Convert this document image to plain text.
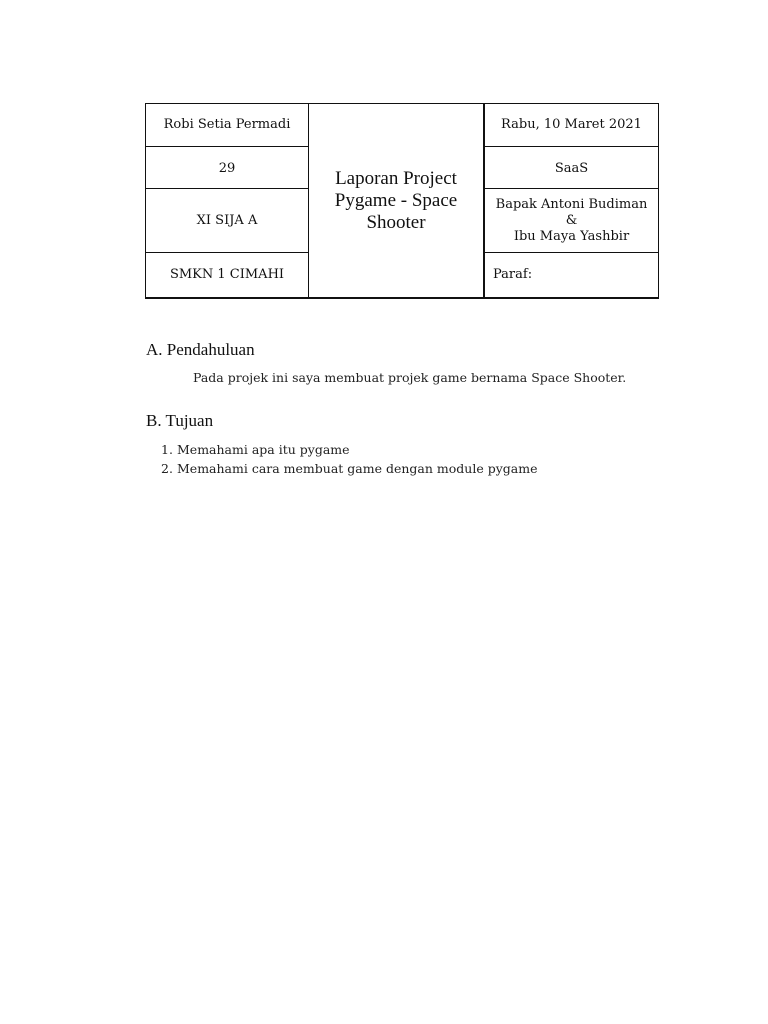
Robi Setia Permadi
29
XI SIJA A
SMKN 1 CIMAHI
Laporan Project Pygame - Space Shooter
Rabu, 10 Maret 2021
SaaS
Bapak Antoni Budiman
&
Ibu Maya Yashbir
Paraf:
A. Pendahuluan
Pada projek ini saya membuat projek game bernama Space Shooter.
B. Tujuan
1. Memahami apa itu pygame
2. Memahami cara membuat game dengan module pygame
